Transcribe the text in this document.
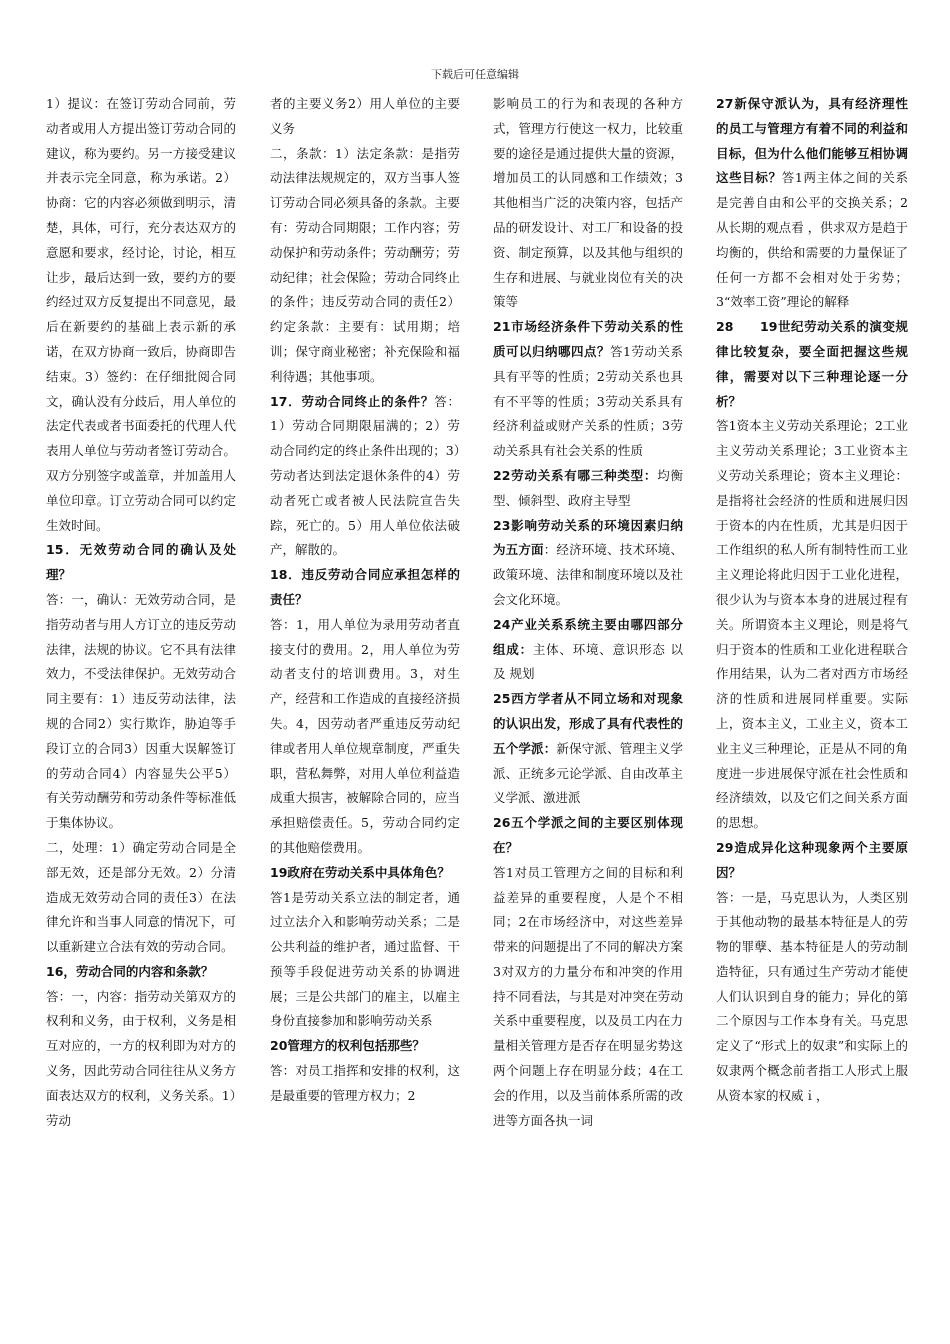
下载后可任意编辑

1）提议：在签订劳动合同前，劳动者或用人方提出签订劳动合同的建议，称为要约。另一方接受建议并表示完全同意，称为承诺。2）协商：它的内容必须做到明示，清楚，具体，可行，充分表达双方的意愿和要求，经讨论，讨论，相互让步，最后达到一致，要约方的要约经过双方反复提出不同意见，最后在新要约的基础上表示新的承诺，在双方协商一致后，协商即告结束。3）签约：在仔细批阅合同文，确认没有分歧后，用人单位的法定代表或者书面委托的代理人代表用人单位与劳动者签订劳动合。双方分别签字或盖章，并加盖用人单位印章。订立劳动合同可以约定生效时间。

15．无效劳动合同的确认及处理？

答：一，确认：无效劳动合同，是指劳动者与用人方订立的违反劳动法律，法规的协议。它不具有法律效力，不受法律保护。无效劳动合同主要有：1）违反劳动法律，法规的合同2）实行欺诈，胁迫等手段订立的合同3）因重大误解签订的劳动合同4）内容显失公平5）有关劳动酬劳和劳动条件等标准低于集体协议。

二，处理：1）确定劳动合同是全部无效，还是部分无效。2）分清造成无效劳动合同的责任3）在法律允许和当事人同意的情况下，可以重新建立合法有效的劳动合同。

16，劳动合同的内容和条款？

答：一，内容：指劳动关第双方的权利和义务，由于权利，义务是相互对应的，一方的权利即为对方的义务，因此劳动合同往往从义务方面表达双方的权利，义务关系。1）劳动

者的主要义务2）用人单位的主要义务

二，条款：1）法定条款：是指劳动法律法规规定的，双方当事人签订劳动合同必须具备的条款。主要有：劳动合同期限；工作内容；劳动保护和劳动条件；劳动酬劳；劳动纪律；社会保险；劳动合同终止的条件；违反劳动合同的责任2）约定条款：主要有：试用期；培训；保守商业秘密；补充保险和福利待遇；其他事项。

17．劳动合同终止的条件？答：1）劳动合同期限届满的；2）劳动合同约定的终止条件出现的；3）劳动者达到法定退休条件的4）劳动者死亡或者被人民法院宣告失踪，死亡的。5）用人单位依法破产，解散的。

18．违反劳动合同应承担怎样的责任？

答：1，用人单位为录用劳动者直接支付的费用。2，用人单位为劳动者支付的培训费用。3，对生产，经营和工作造成的直接经济损失。4，因劳动者严重违反劳动纪律或者用人单位规章制度，严重失职，营私舞弊，对用人单位利益造成重大损害，被解除合同的，应当承担赔偿责任。5，劳动合同约定的其他赔偿费用。

19政府在劳动关系中具体角色？

答1是劳动关系立法的制定者，通过立法介入和影响劳动关系；二是公共利益的维护者，通过监督、干预等手段促进劳动关系的协调进展；三是公共部门的雇主，以雇主身份直接参加和影响劳动关系

20管理方的权利包括那些？

答：对员工指挥和安排的权利，这是最重要的管理方权力；2

影响员工的行为和表现的各种方式，管理方行使这一权力，比较重要的途径是通过提供大量的资源，增加员工的认同感和工作绩效；3其他相当广泛的决策内容，包括产品的研发设计、对工厂和设备的投资、制定预算，以及其他与组织的生存和进展、与就业岗位有关的决策等

21市场经济条件下劳动关系的性质可以归纳哪四点？答1劳动关系具有平等的性质；2劳动关系也具有不平等的性质；3劳动关系具有经济利益或财产关系的性质；3劳动关系具有社会关系的性质

22劳动关系有哪三种类型：均衡型、倾斜型、政府主导型

23影响劳动关系的环境因素归纳为五方面：经济环境、技术环境、政策环境、法律和制度环境以及社会文化环境。

24产业关系系统主要由哪四部分组成：主体、环境、意识形态 以及 规划

25西方学者从不同立场和对现象的认识出发，形成了具有代表性的五个学派：新保守派、管理主义学派、正统多元论学派、自由改革主义学派、激进派

26五个学派之间的主要区别体现在？

答1对员工管理方之间的目标和利益差异的重要程度，人是个不相同；2在市场经济中，对这些差异带来的问题提出了不同的解决方案3对双方的力量分布和冲突的作用持不同看法，与其是对冲突在劳动关系中重要程度，以及员工内在力量相关管理方是否存在明显劣势这两个问题上存在明显分歧；4在工会的作用，以及当前体系所需的改进等方面各执一词

27新保守派认为，具有经济理性的员工与管理方有着不同的利益和目标，但为什么他们能够互相协调这些目标？答1两主体之间的关系是完善自由和公平的交换关系；2从长期的观点看 ，供求双方是趋于均衡的，供给和需要的力量保证了任何一方都不会相对处于劣势；3“效率工资”理论的解释

28　　19世纪劳动关系的演变规律比较复杂，要全面把握这些规律，需要对以下三种理论逐一分析？

答1资本主义劳动关系理论；2工业主义劳动关系理论；3工业资本主义劳动关系理论；资本主义理论：是指将社会经济的性质和进展归因于资本的内在性质，尤其是归因于工作组织的私人所有制特性而工业主义理论将此归因于工业化进程，很少认为与资本本身的进展过程有关。所谓资本主义理论，则是将气归于资本的性质和工业化进程联合作用结果，认为二者对西方市场经济的性质和进展同样重要。实际上，资本主义，工业主义，资本工业主义三种理论，正是从不同的角度进一步进展保守派在社会性质和经济绩效，以及它们之间关系方面 的思想。

29造成异化这种现象两个主要原因？

答：一是，马克思认为，人类区别于其他动物的最基本特征是人的劳物的罪孽、基本特征是人的劳动制造特征，只有通过生产劳动才能使人们认识到自身的能力；异化的第二个原因与工作本身有关。马克思定义了“形式上的奴隶”和实际上的奴隶两个概念前者指工人形式上服从资本家的权威ｉ，
